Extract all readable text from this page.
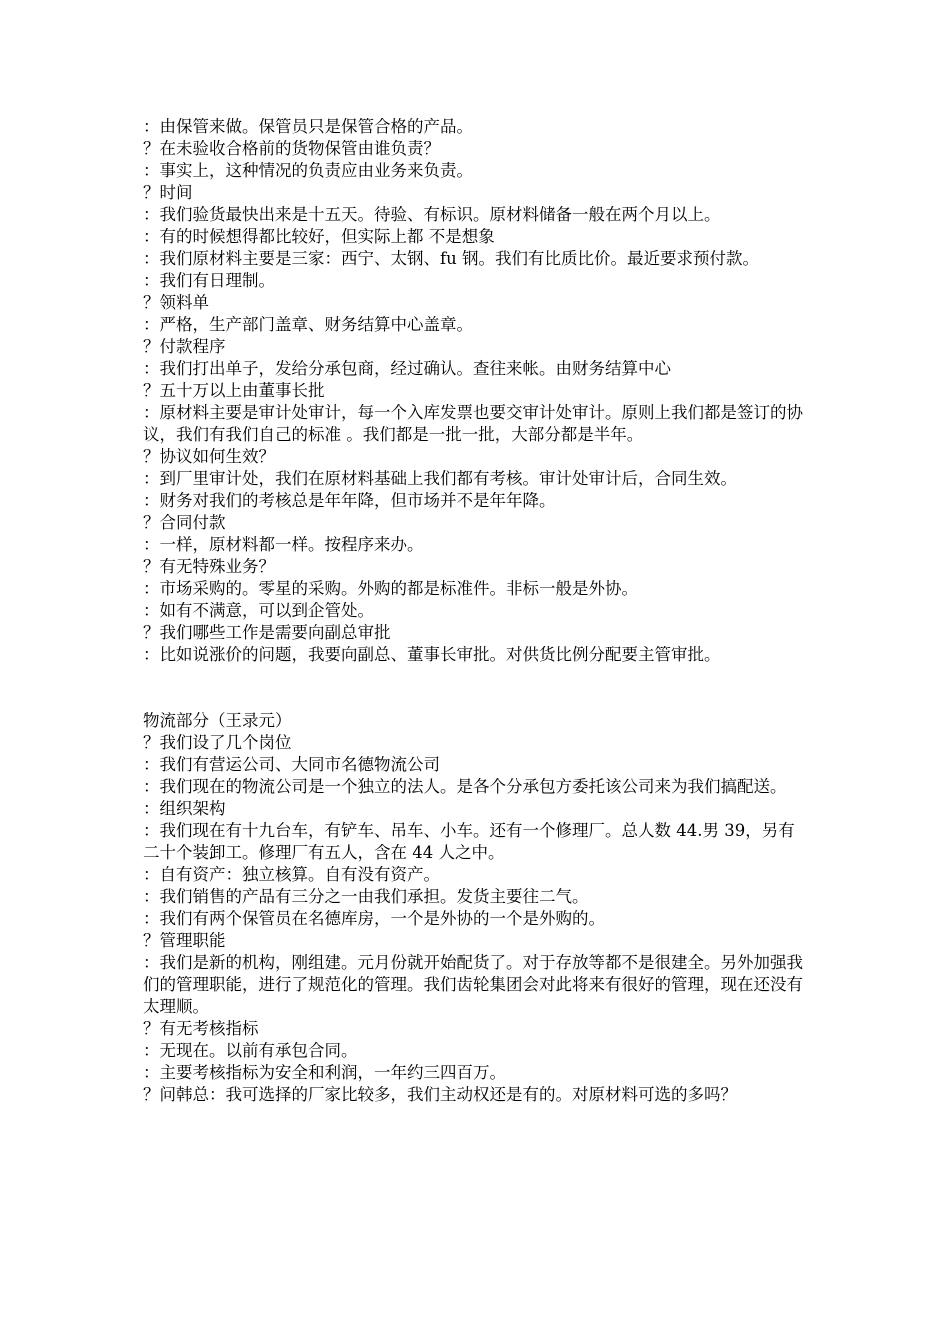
：由保管来做。保管员只是保管合格的产品。

？在未验收合格前的货物保管由谁负责？

：事实上，这种情况的负责应由业务来负责。

？时间

：我们验货最快出来是十五天。待验、有标识。原材料储备一般在两个月以上。

：有的时候想得都比较好，但实际上都 不是想象

：我们原材料主要是三家：西宁、太钢、fu 钢。我们有比质比价。最近要求预付款。

：我们有日理制。

？领料单

：严格，生产部门盖章、财务结算中心盖章。

？付款程序

：我们打出单子，发给分承包商，经过确认。查往来帐。由财务结算中心

？五十万以上由董事长批

：原材料主要是审计处审计，每一个入库发票也要交审计处审计。原则上我们都是签订的协议，我们有我们自己的标准 。我们都是一批一批，大部分都是半年。

？协议如何生效？

：到厂里审计处，我们在原材料基础上我们都有考核。审计处审计后，合同生效。

：财务对我们的考核总是年年降，但市场并不是年年降。

？合同付款

：一样，原材料都一样。按程序来办。

？有无特殊业务？

：市场采购的。零星的采购。外购的都是标准件。非标一般是外协。

：如有不满意，可以到企管处。

？我们哪些工作是需要向副总审批

：比如说涨价的问题，我要向副总、董事长审批。对供货比例分配要主管审批。

物流部分（王录元）

？我们设了几个岗位

：我们有营运公司、大同市名德物流公司

：我们现在的物流公司是一个独立的法人。是各个分承包方委托该公司来为我们搞配送。

：组织架构

：我们现在有十九台车，有铲车、吊车、小车。还有一个修理厂。总人数 44.男 39，另有二十个装卸工。修理厂有五人，含在 44 人之中。

：自有资产：独立核算。自有没有资产。

：我们销售的产品有三分之一由我们承担。发货主要往二气。

：我们有两个保管员在名德库房，一个是外协的一个是外购的。

？管理职能

：我们是新的机构，刚组建。元月份就开始配货了。对于存放等都不是很建全。另外加强我们的管理职能，进行了规范化的管理。我们齿轮集团会对此将来有很好的管理，现在还没有太理顺。

？有无考核指标

：无现在。以前有承包合同。

：主要考核指标为安全和利润，一年约三四百万。

？问韩总：我可选择的厂家比较多，我们主动权还是有的。对原材料可选的多吗？
